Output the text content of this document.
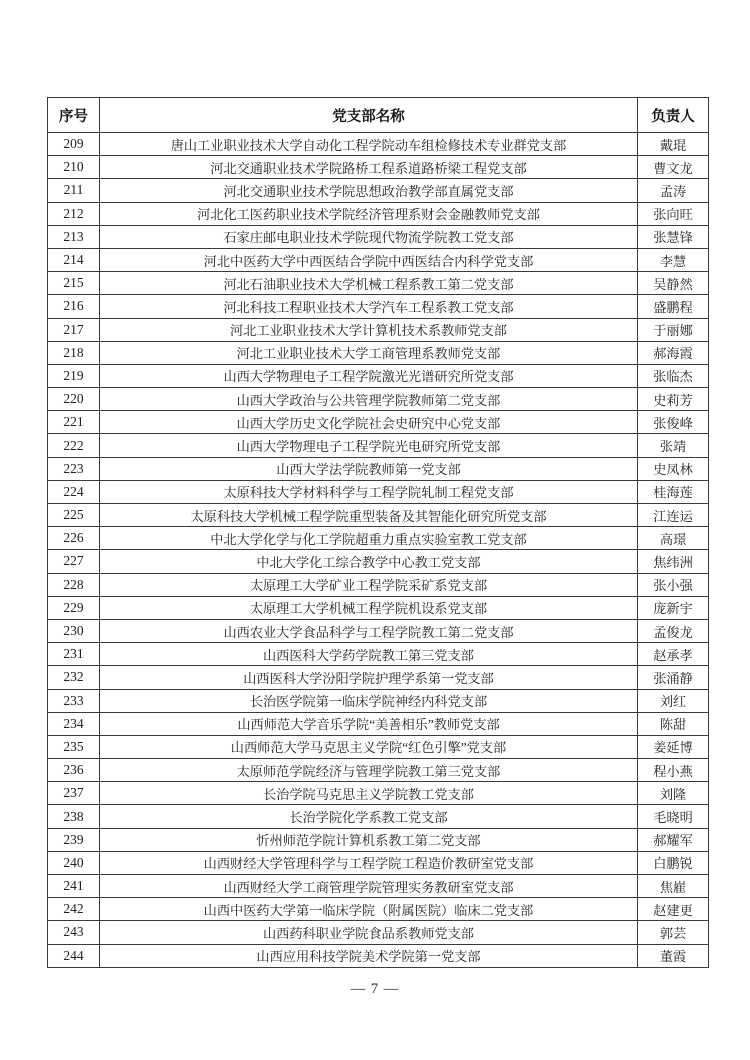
序号	党支部名称	负责人
209	唐山工业职业技术大学自动化工程学院动车组检修技术专业群党支部	戴琨
210	河北交通职业技术学院路桥工程系道路桥梁工程党支部	曹文龙
211	河北交通职业技术学院思想政治教学部直属党支部	孟涛
212	河北化工医药职业技术学院经济管理系财会金融教师党支部	张向旺
213	石家庄邮电职业技术学院现代物流学院教工党支部	张慧锋
214	河北中医药大学中西医结合学院中西医结合内科学党支部	李慧
215	河北石油职业技术大学机械工程系教工第二党支部	吴静然
216	河北科技工程职业技术大学汽车工程系教工党支部	盛鹏程
217	河北工业职业技术大学计算机技术系教师党支部	于丽娜
218	河北工业职业技术大学工商管理系教师党支部	郝海霞
219	山西大学物理电子工程学院激光光谱研究所党支部	张临杰
220	山西大学政治与公共管理学院教师第二党支部	史莉芳
221	山西大学历史文化学院社会史研究中心党支部	张俊峰
222	山西大学物理电子工程学院光电研究所党支部	张靖
223	山西大学法学院教师第一党支部	史凤林
224	太原科技大学材料科学与工程学院轧制工程党支部	桂海莲
225	太原科技大学机械工程学院重型装备及其智能化研究所党支部	江连运
226	中北大学化学与化工学院超重力重点实验室教工党支部	高璟
227	中北大学化工综合教学中心教工党支部	焦纬洲
228	太原理工大学矿业工程学院采矿系党支部	张小强
229	太原理工大学机械工程学院机设系党支部	庞新宇
230	山西农业大学食品科学与工程学院教工第二党支部	孟俊龙
231	山西医科大学药学院教工第三党支部	赵承孝
232	山西医科大学汾阳学院护理学系第一党支部	张涌静
233	长治医学院第一临床学院神经内科党支部	刘红
234	山西师范大学音乐学院“美善相乐”教师党支部	陈甜
235	山西师范大学马克思主义学院“红色引擎”党支部	姜延博
236	太原师范学院经济与管理学院教工第三党支部	程小燕
237	长治学院马克思主义学院教工党支部	刘隆
238	长治学院化学系教工党支部	毛晓明
239	忻州师范学院计算机系教工第二党支部	郝耀军
240	山西财经大学管理科学与工程学院工程造价教研室党支部	白鹏锐
241	山西财经大学工商管理学院管理实务教研室党支部	焦嵟
242	山西中医药大学第一临床学院（附属医院）临床二党支部	赵建更
243	山西药科职业学院食品系教师党支部	郭芸
244	山西应用科技学院美术学院第一党支部	董霞
— 7 —
